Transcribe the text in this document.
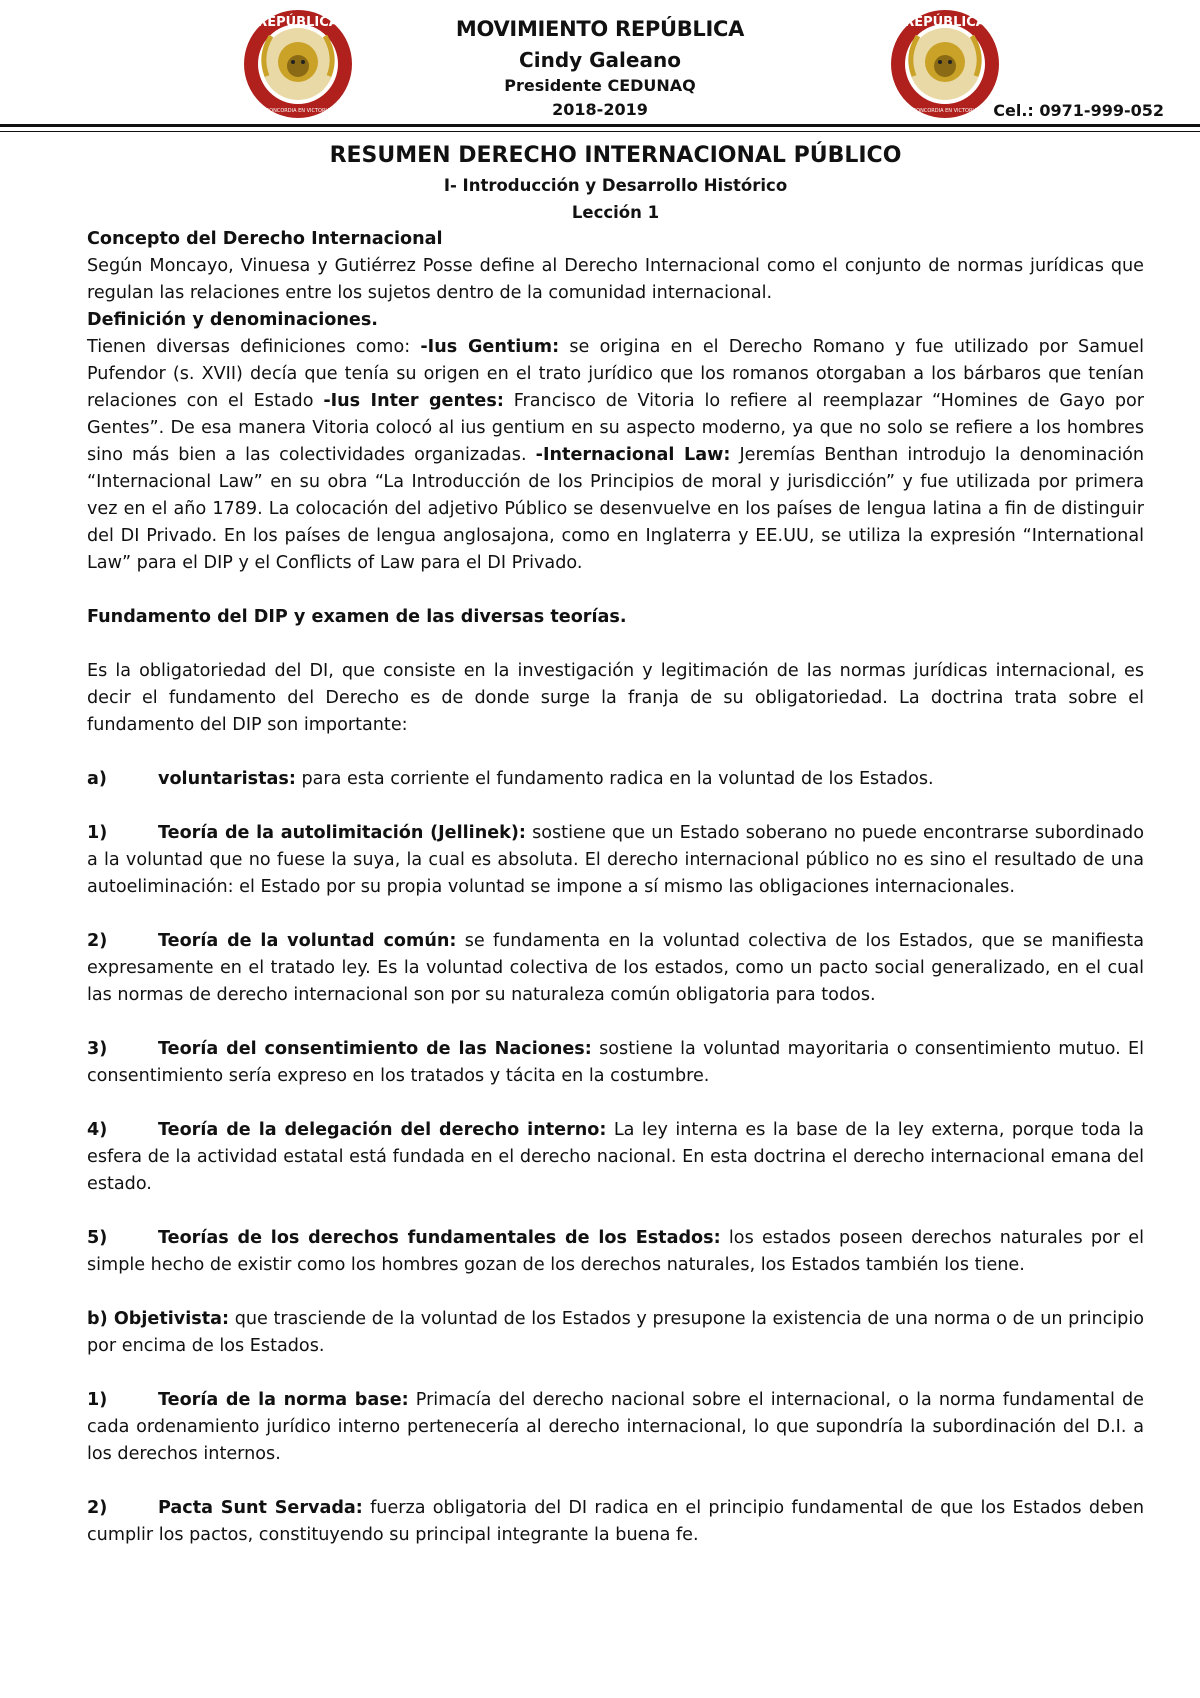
REPÚBLICA
CONCORDIA EN VICTORIA
MOVIMIENTO REPÚBLICA
Cindy Galeano
Presidente CEDUNAQ
2018-2019
REPÚBLICA
CONCORDIA EN VICTORIA Cel.: 0971-999-052
RESUMEN DERECHO INTERNACIONAL PÚBLICO
I- Introducción y Desarrollo Histórico
Lección 1

Concepto del Derecho Internacional

Según Moncayo, Vinuesa y Gutiérrez Posse define al Derecho Internacional como el conjunto de normas jurídicas que regulan las relaciones entre los sujetos dentro de la comunidad internacional.

Definición y denominaciones.

Tienen diversas definiciones como: -Ius Gentium: se origina en el Derecho Romano y fue utilizado por Samuel Pufendor (s. XVII) decía que tenía su origen en el trato jurídico que los romanos otorgaban a los bárbaros que tenían relaciones con el Estado -Ius Inter gentes: Francisco de Vitoria lo refiere al reemplazar “Homines de Gayo por Gentes”. De esa manera Vitoria colocó al ius gentium en su aspecto moderno, ya que no solo se refiere a los hombres sino más bien a las colectividades organizadas. -Internacional Law: Jeremías Benthan introdujo la denominación “Internacional Law” en su obra “La Introducción de los Principios de moral y jurisdicción” y fue utilizada por primera vez en el año 1789. La colocación del adjetivo Público se desenvuelve en los países de lengua latina a fin de distinguir del DI Privado. En los países de lengua anglosajona, como en Inglaterra y EE.UU, se utiliza la expresión “International Law” para el DIP y el Conflicts of Law para el DI Privado.

Fundamento del DIP y examen de las diversas teorías.

Es la obligatoriedad del DI, que consiste en la investigación y legitimación de las normas jurídicas internacional, es decir el fundamento del Derecho es de donde surge la franja de su obligatoriedad. La doctrina trata sobre el fundamento del DIP son importante:

a)	voluntaristas: para esta corriente el fundamento radica en la voluntad de los Estados.

1)	Teoría de la autolimitación (Jellinek): sostiene que un Estado soberano no puede encontrarse subordinado a la voluntad que no fuese la suya, la cual es absoluta. El derecho internacional público no es sino el resultado de una autoeliminación: el Estado por su propia voluntad se impone a sí mismo las obligaciones internacionales.

2)	Teoría de la voluntad común: se fundamenta en la voluntad colectiva de los Estados, que se manifiesta expresamente en el tratado ley. Es la voluntad colectiva de los estados, como un pacto social generalizado, en el cual las normas de derecho internacional son por su naturaleza común obligatoria para todos.

3)	Teoría del consentimiento de las Naciones: sostiene la voluntad mayoritaria o consentimiento mutuo. El consentimiento sería expreso en los tratados y tácita en la costumbre.

4)	Teoría de la delegación del derecho interno: La ley interna es la base de la ley externa, porque toda la esfera de la actividad estatal está fundada en el derecho nacional. En esta doctrina el derecho internacional emana del estado.

5)	Teorías de los derechos fundamentales de los Estados: los estados poseen derechos naturales por el simple hecho de existir como los hombres gozan de los derechos naturales, los Estados también los tiene.

b) Objetivista: que trasciende de la voluntad de los Estados y presupone la existencia de una norma o de un principio por encima de los Estados.

1)	Teoría de la norma base: Primacía del derecho nacional sobre el internacional, o la norma fundamental de cada ordenamiento jurídico interno pertenecería al derecho internacional, lo que supondría la subordinación del D.I. a los derechos internos.

2)	Pacta Sunt Servada: fuerza obligatoria del DI radica en el principio fundamental de que los Estados deben cumplir los pactos, constituyendo su principal integrante la buena fe.
